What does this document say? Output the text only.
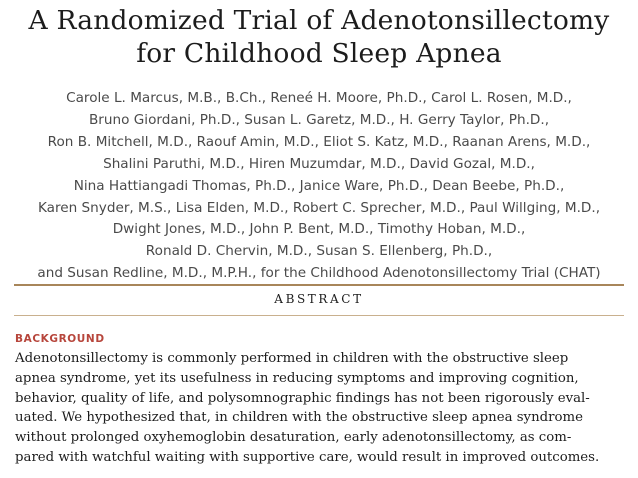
A Randomized Trial of Adenotonsillectomy
for Childhood Sleep Apnea
Carole L. Marcus, M.B., B.Ch., Reneé H. Moore, Ph.D., Carol L. Rosen, M.D.,
Bruno Giordani, Ph.D., Susan L. Garetz, M.D., H. Gerry Taylor, Ph.D.,
Ron B. Mitchell, M.D., Raouf Amin, M.D., Eliot S. Katz, M.D., Raanan Arens, M.D.,
Shalini Paruthi, M.D., Hiren Muzumdar, M.D., David Gozal, M.D.,
Nina Hattiangadi Thomas, Ph.D., Janice Ware, Ph.D., Dean Beebe, Ph.D.,
Karen Snyder, M.S., Lisa Elden, M.D., Robert C. Sprecher, M.D., Paul Willging, M.D.,
Dwight Jones, M.D., John P. Bent, M.D., Timothy Hoban, M.D.,
Ronald D. Chervin, M.D., Susan S. Ellenberg, Ph.D.,
and Susan Redline, M.D., M.P.H., for the Childhood Adenotonsillectomy Trial (CHAT)
ABSTRACT
BACKGROUND
Adenotonsillectomy is commonly performed in children with the obstructive sleep
apnea syndrome, yet its usefulness in reducing symptoms and improving cognition,
behavior, quality of life, and polysomnographic findings has not been rigorously eval-
uated. We hypothesized that, in children with the obstructive sleep apnea syndrome
without prolonged oxyhemoglobin desaturation, early adenotonsillectomy, as com-
pared with watchful waiting with supportive care, would result in improved outcomes.
